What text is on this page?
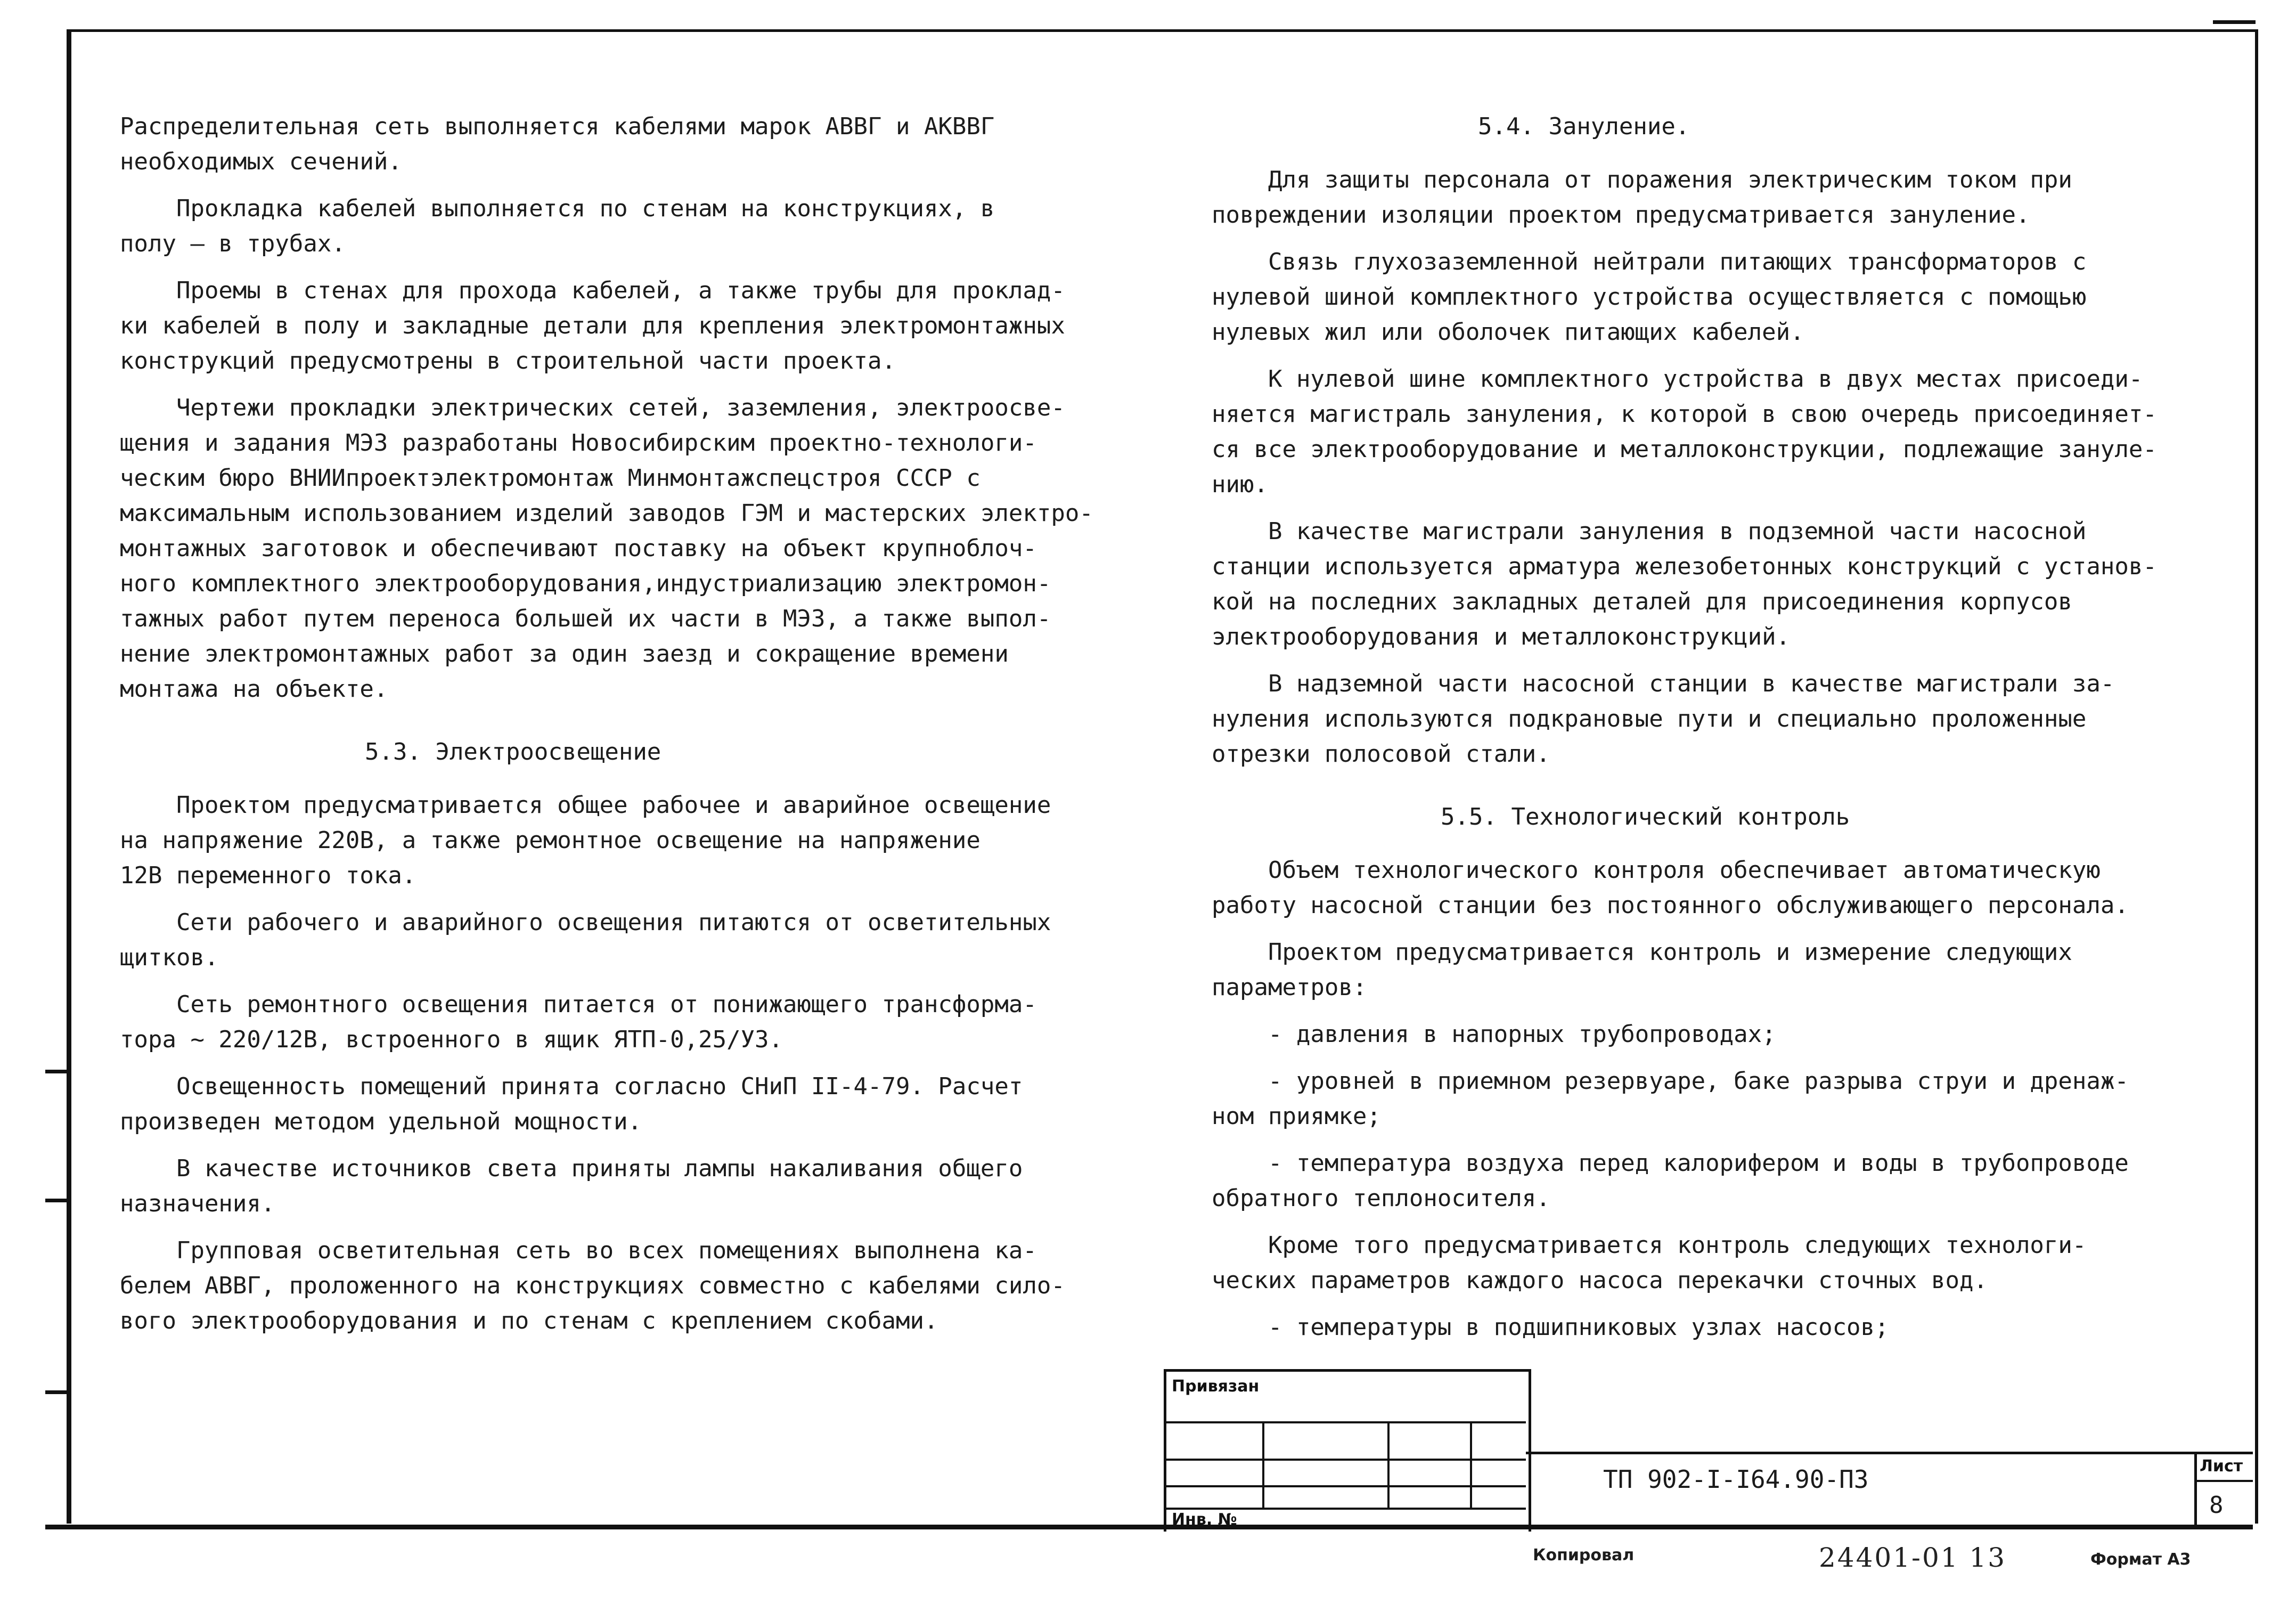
Распределительная сеть выполняется кабелями марок АВВГ и АКВВГ

необходимых сечений.

Прокладка кабелей выполняется по стенам на конструкциях, в

полу – в трубах.

Проемы в стенах для прохода кабелей, а также трубы для проклад-

ки кабелей в полу и закладные детали для крепления электромонтажных

конструкций предусмотрены в строительной части проекта.

Чертежи прокладки электрических сетей, заземления, электроосве-

щения и задания МЭЗ разработаны Новосибирским проектно-технологи-

ческим бюро ВНИИпроектэлектромонтаж Минмонтажспецстроя СССР с

максимальным использованием изделий заводов ГЭМ и мастерских электро-

монтажных заготовок и обеспечивают поставку на объект крупноблоч-

ного комплектного электрооборудования,индустриализацию электромон-

тажных работ путем переноса большей их части в МЭЗ, а также выпол-

нение электромонтажных работ за один заезд и сокращение времени

монтажа на объекте.

5.3. Электроосвещение

Проектом предусматривается общее рабочее и аварийное освещение

на напряжение 220В, а также ремонтное освещение на напряжение

12В переменного тока.

Сети рабочего и аварийного освещения питаются от осветительных

щитков.

Сеть ремонтного освещения питается от понижающего трансформа-

тора ~ 220/12В, встроенного в ящик ЯТП-0,25/УЗ.

Освещенность помещений принята согласно СНиП II-4-79. Расчет

произведен методом удельной мощности.

В качестве источников света приняты лампы накаливания общего

назначения.

Групповая осветительная сеть во всех помещениях выполнена ка-

белем АВВГ, проложенного на конструкциях совместно с кабелями сило-

вого электрооборудования и по стенам с креплением скобами.

5.4. Зануление.

Для защиты персонала от поражения электрическим током при

повреждении изоляции проектом предусматривается зануление.

Связь глухозаземленной нейтрали питающих трансформаторов с

нулевой шиной комплектного устройства осуществляется с помощью

нулевых жил или оболочек питающих кабелей.

К нулевой шине комплектного устройства в двух местах присоеди-

няется магистраль зануления, к которой в свою очередь присоединяет-

ся все электрооборудование и металлоконструкции, подлежащие зануле-

нию.

В качестве магистрали зануления в подземной части насосной

станции используется арматура железобетонных конструкций с установ-

кой на последних закладных деталей для присоединения корпусов

электрооборудования и металлоконструкций.

В надземной части насосной станции в качестве магистрали за-

нуления используются подкрановые пути и специально проложенные

отрезки полосовой стали.

5.5. Технологический контроль

Объем технологического контроля обеспечивает автоматическую

работу насосной станции без постоянного обслуживающего персонала.

Проектом предусматривается контроль и измерение следующих

параметров:

- давления в напорных трубопроводах;

- уровней в приемном резервуаре, баке разрыва струи и дренаж-

ном приямке;

- температура воздуха перед калорифером и воды в трубопроводе

обратного теплоносителя.

Кроме того предусматривается контроль следующих технологи-

ческих параметров каждого насоса перекачки сточных вод.

- температуры в подшипниковых узлах насосов;

Привязан
Инв. №
ТП 902-I-I64.90-ПЗ	Лист
8
Копировал	24401-01 13	Формат А3
